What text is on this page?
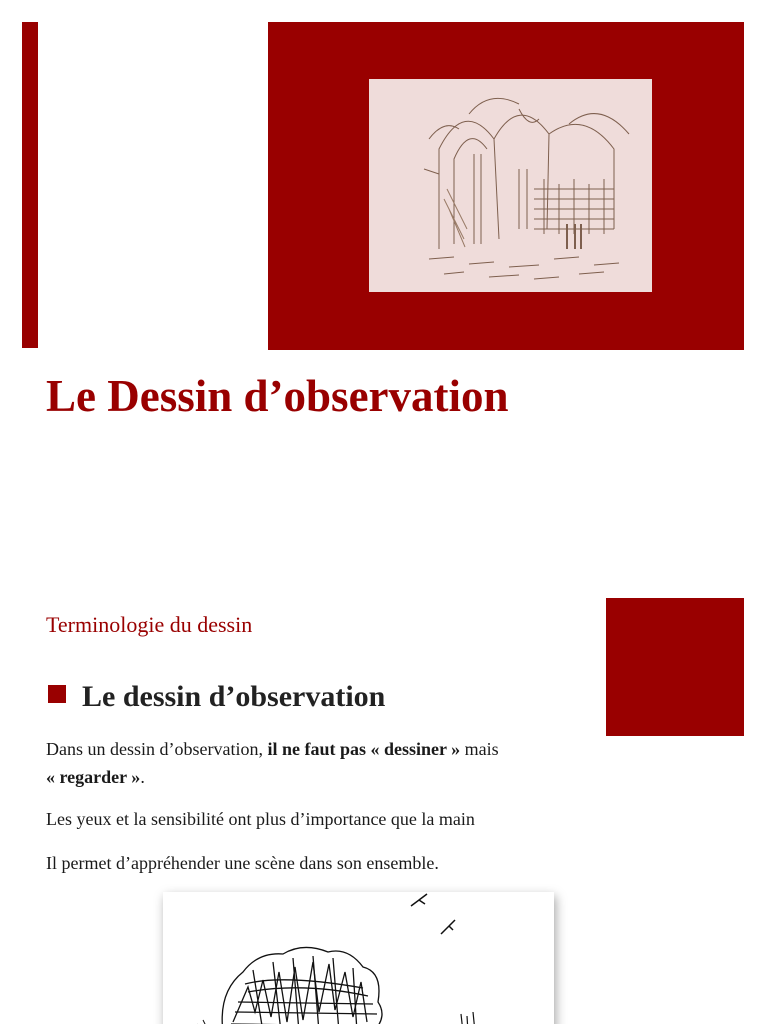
Le Dessin d’observation
Terminologie du dessin
Le dessin d’observation

Dans un dessin d’observation, il ne faut pas « dessiner » mais
« regarder ».

Les yeux et la sensibilité ont plus d’importance que la main

Il permet d’appréhender une scène dans son ensemble.
